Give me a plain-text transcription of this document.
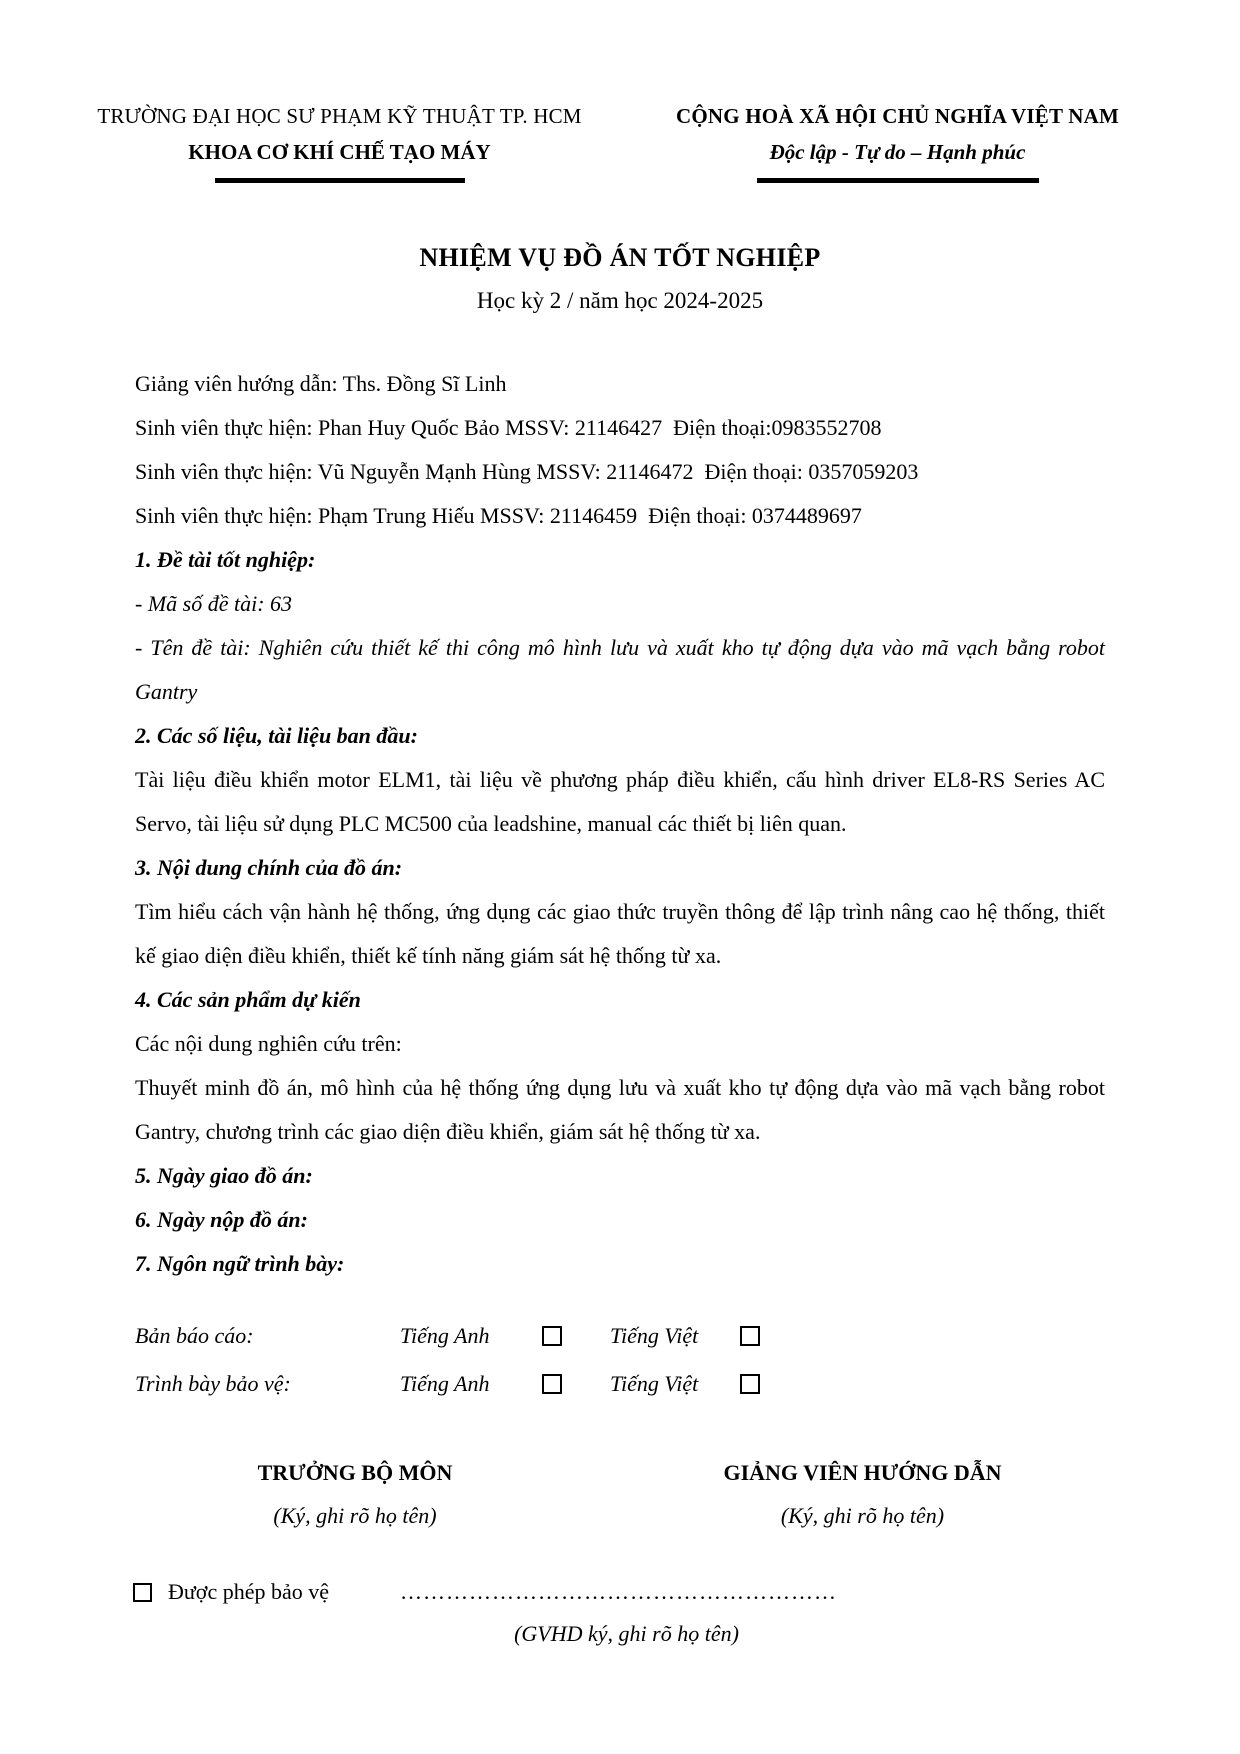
TRƯỜNG ĐẠI HỌC SƯ PHẠM KỸ THUẬT TP. HCM
KHOA CƠ KHÍ CHẾ TẠO MÁY
CỘNG HOÀ XÃ HỘI CHỦ NGHĨA VIỆT NAM
Độc lập - Tự do – Hạnh phúc
NHIỆM VỤ ĐỒ ÁN TỐT NGHIỆP
Học kỳ 2 / năm học 2024-2025

Giảng viên hướng dẫn: Ths. Đồng Sĩ Linh

Sinh viên thực hiện: Phan Huy Quốc Bảo MSSV: 21146427  Điện thoại:0983552708

Sinh viên thực hiện: Vũ Nguyễn Mạnh Hùng MSSV: 21146472  Điện thoại: 0357059203

Sinh viên thực hiện: Phạm Trung Hiếu MSSV: 21146459  Điện thoại: 0374489697

1. Đề tài tốt nghiệp:

- Mã số đề tài: 63

- Tên đề tài: Nghiên cứu thiết kế thi công mô hình lưu và xuất kho tự động dựa vào mã vạch bằng robot Gantry

2. Các số liệu, tài liệu ban đầu:

Tài liệu điều khiển motor ELM1, tài liệu về phương pháp điều khiển, cấu hình driver EL8-RS Series AC Servo, tài liệu sử dụng PLC MC500 của leadshine, manual các thiết bị liên quan.

3. Nội dung chính của đồ án:

Tìm hiểu cách vận hành hệ thống, ứng dụng các giao thức truyền thông để lập trình nâng cao hệ thống, thiết kế giao diện điều khiển, thiết kế tính năng giám sát hệ thống từ xa.

4. Các sản phẩm dự kiến

Các nội dung nghiên cứu trên:

Thuyết minh đồ án, mô hình của hệ thống ứng dụng lưu và xuất kho tự động dựa vào mã vạch bằng robot Gantry, chương trình các giao diện điều khiển, giám sát hệ thống từ xa.

5. Ngày giao đồ án:

6. Ngày nộp đồ án:

7. Ngôn ngữ trình bày:

Bản báo cáo:	Tiếng Anh	Tiếng Việt
Trình bày bảo vệ:	Tiếng Anh	Tiếng Việt
TRƯỞNG BỘ MÔN
(Ký, ghi rõ họ tên)
GIẢNG VIÊN HƯỚNG DẪN
(Ký, ghi rõ họ tên)
Được phép bảo vệ	…………………………………………………
(GVHD ký, ghi rõ họ tên)
